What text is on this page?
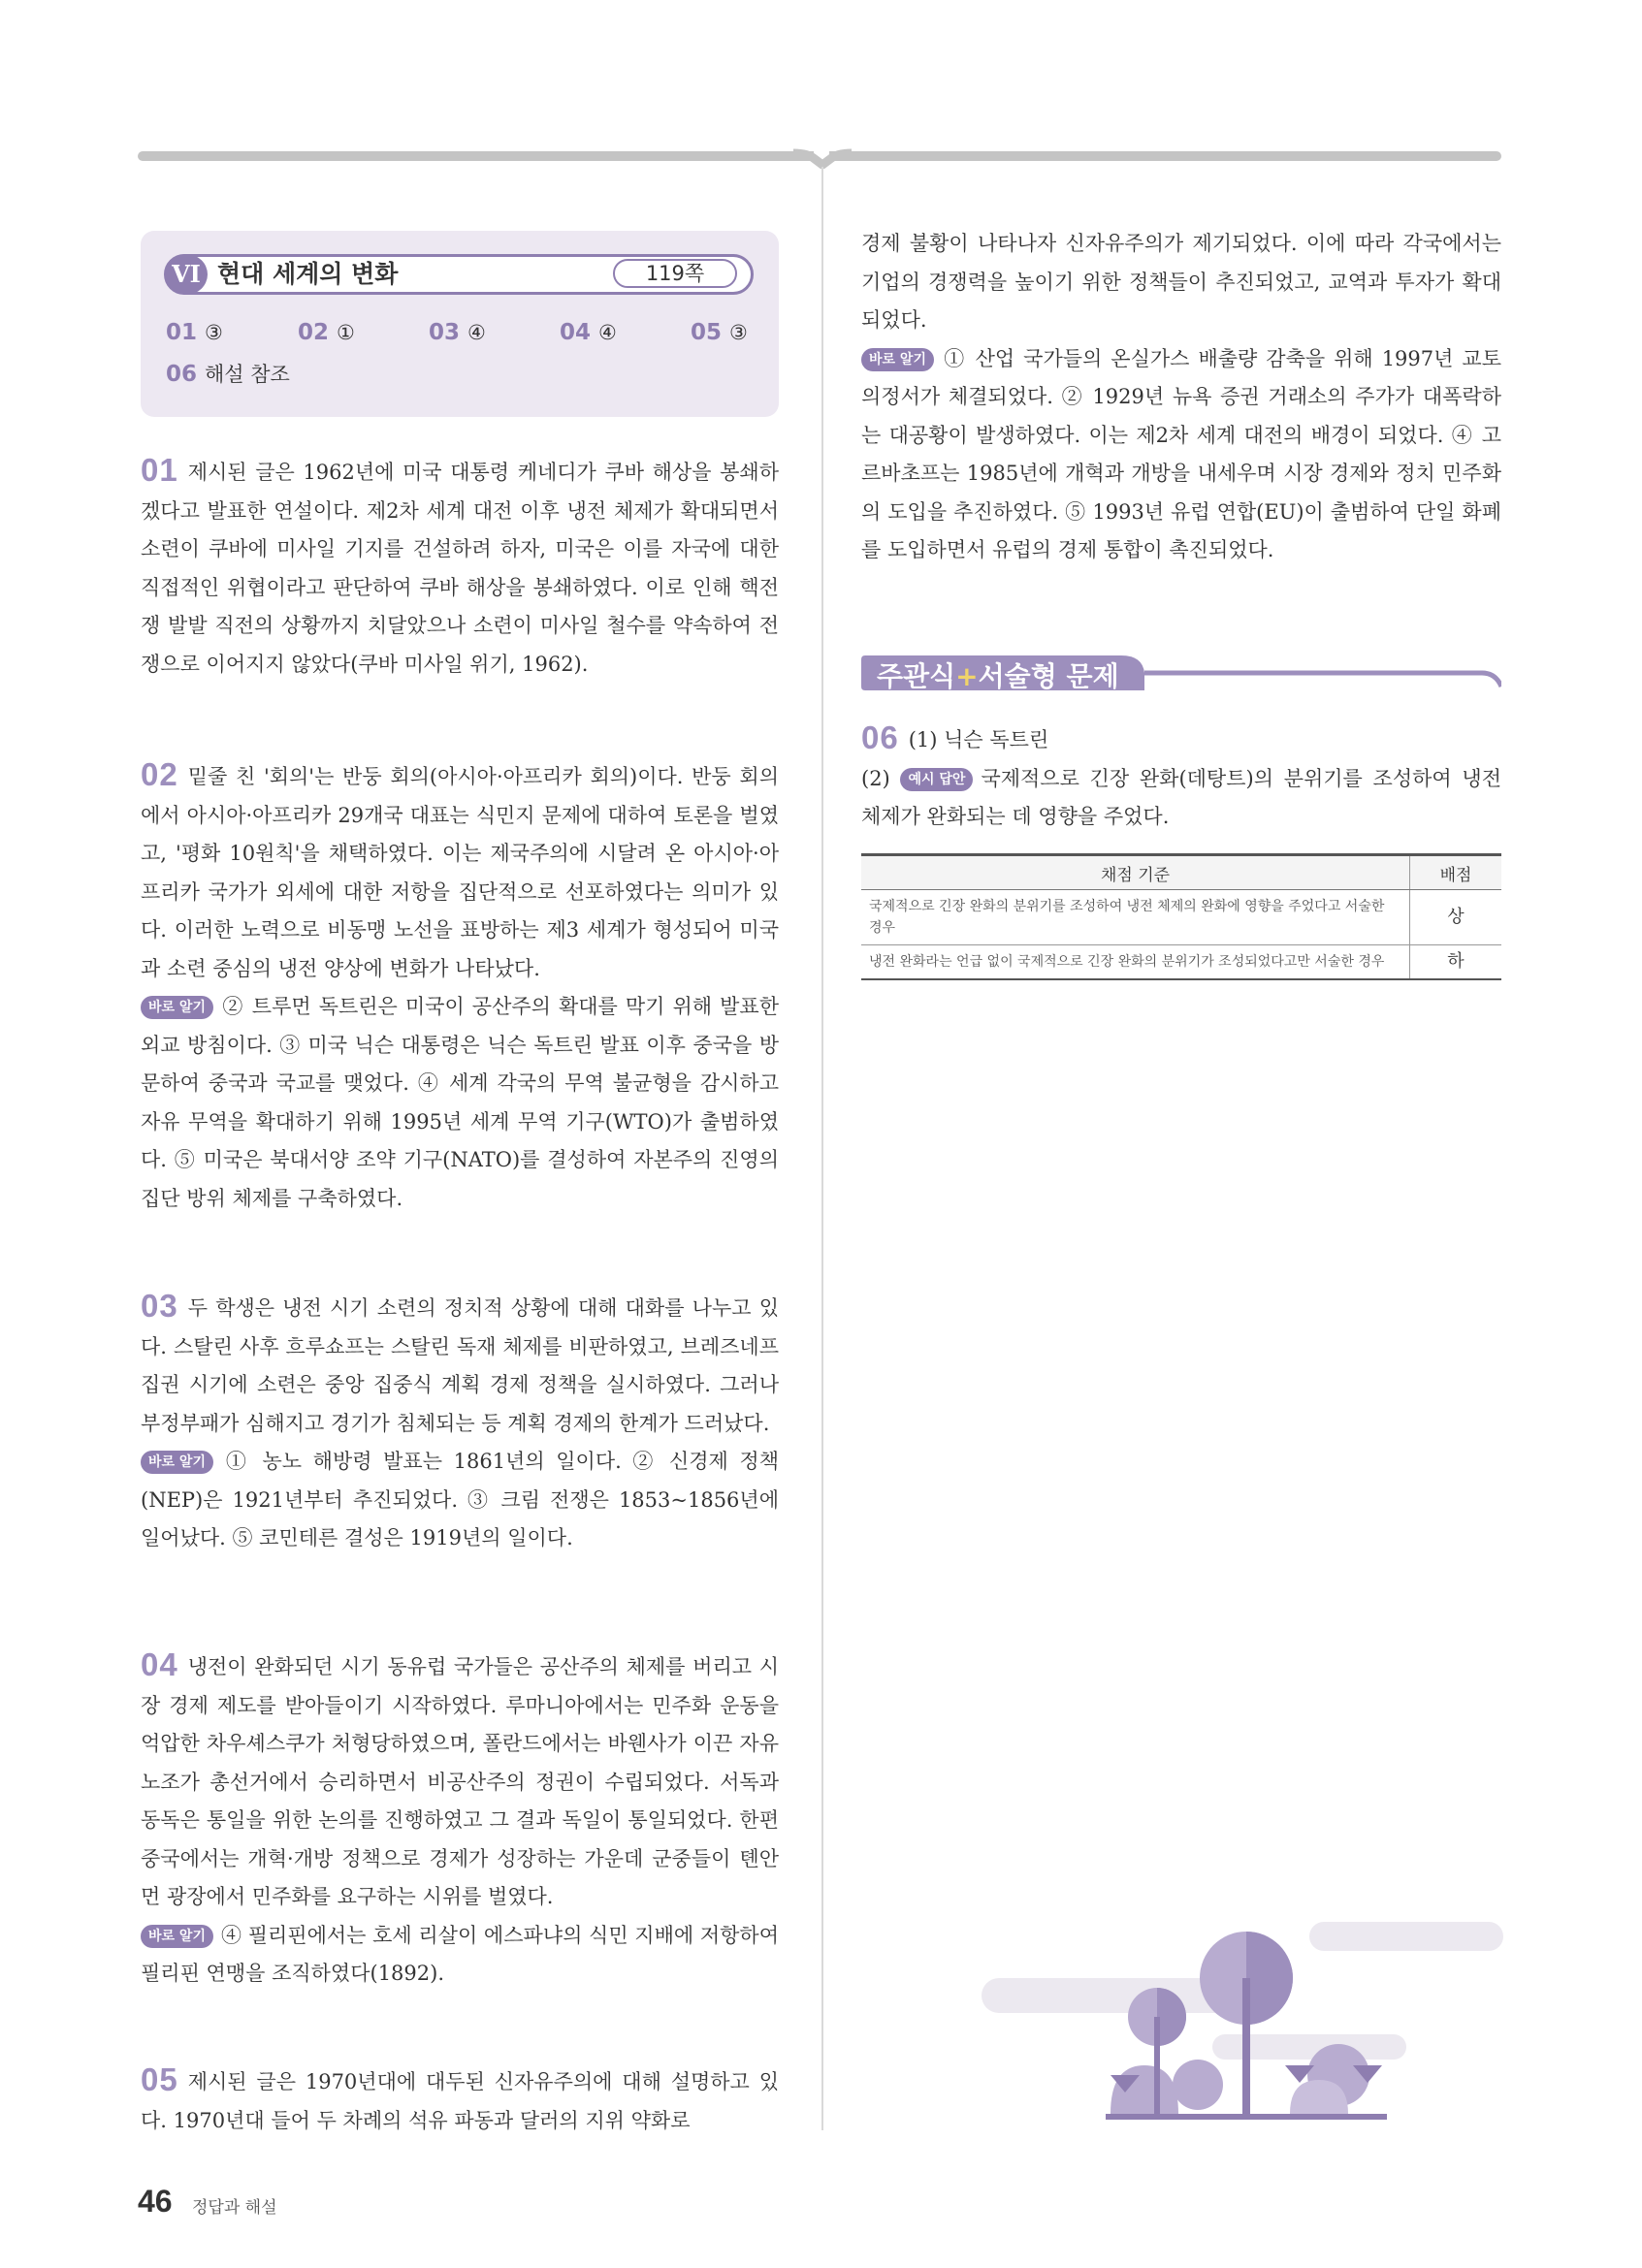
VI 현대 세계의 변화	119쪽
01 ③	02 ①	03 ④	04 ④	05 ③
06 해설 참조

01 제시된 글은 1962년에 미국 대통령 케네디가 쿠바 해상을 봉쇄하겠다고 발표한 연설이다. 제2차 세계 대전 이후 냉전 체제가 확대되면서 소련이 쿠바에 미사일 기지를 건설하려 하자, 미국은 이를 자국에 대한 직접적인 위협이라고 판단하여 쿠바 해상을 봉쇄하였다. 이로 인해 핵전쟁 발발 직전의 상황까지 치달았으나 소련이 미사일 철수를 약속하여 전쟁으로 이어지지 않았다(쿠바 미사일 위기, 1962).

02 밑줄 친 '회의'는 반둥 회의(아시아·아프리카 회의)이다. 반둥 회의에서 아시아·아프리카 29개국 대표는 식민지 문제에 대하여 토론을 벌였고, '평화 10원칙'을 채택하였다. 이는 제국주의에 시달려 온 아시아·아프리카 국가가 외세에 대한 저항을 집단적으로 선포하였다는 의미가 있다. 이러한 노력으로 비동맹 노선을 표방하는 제3 세계가 형성되어 미국과 소련 중심의 냉전 양상에 변화가 나타났다.

바로 알기 ② 트루먼 독트린은 미국이 공산주의 확대를 막기 위해 발표한 외교 방침이다. ③ 미국 닉슨 대통령은 닉슨 독트린 발표 이후 중국을 방문하여 중국과 국교를 맺었다. ④ 세계 각국의 무역 불균형을 감시하고 자유 무역을 확대하기 위해 1995년 세계 무역 기구(WTO)가 출범하였다. ⑤ 미국은 북대서양 조약 기구(NATO)를 결성하여 자본주의 진영의 집단 방위 체제를 구축하였다.

03 두 학생은 냉전 시기 소련의 정치적 상황에 대해 대화를 나누고 있다. 스탈린 사후 흐루쇼프는 스탈린 독재 체제를 비판하였고, 브레즈네프 집권 시기에 소련은 중앙 집중식 계획 경제 정책을 실시하였다. 그러나 부정부패가 심해지고 경기가 침체되는 등 계획 경제의 한계가 드러났다.

바로 알기 ① 농노 해방령 발표는 1861년의 일이다. ② 신경제 정책(NEP)은 1921년부터 추진되었다. ③ 크림 전쟁은 1853~1856년에 일어났다. ⑤ 코민테른 결성은 1919년의 일이다.

04 냉전이 완화되던 시기 동유럽 국가들은 공산주의 체제를 버리고 시장 경제 제도를 받아들이기 시작하였다. 루마니아에서는 민주화 운동을 억압한 차우셰스쿠가 처형당하였으며, 폴란드에서는 바웬사가 이끈 자유 노조가 총선거에서 승리하면서 비공산주의 정권이 수립되었다. 서독과 동독은 통일을 위한 논의를 진행하였고 그 결과 독일이 통일되었다. 한편 중국에서는 개혁·개방 정책으로 경제가 성장하는 가운데 군중들이 톈안먼 광장에서 민주화를 요구하는 시위를 벌였다.

바로 알기 ④ 필리핀에서는 호세 리살이 에스파냐의 식민 지배에 저항하여 필리핀 연맹을 조직하였다(1892).

05 제시된 글은 1970년대에 대두된 신자유주의에 대해 설명하고 있다. 1970년대 들어 두 차례의 석유 파동과 달러의 지위 약화로

경제 불황이 나타나자 신자유주의가 제기되었다. 이에 따라 각국에서는 기업의 경쟁력을 높이기 위한 정책들이 추진되었고, 교역과 투자가 확대되었다.

바로 알기 ① 산업 국가들의 온실가스 배출량 감축을 위해 1997년 교토 의정서가 체결되었다. ② 1929년 뉴욕 증권 거래소의 주가가 대폭락하는 대공황이 발생하였다. 이는 제2차 세계 대전의 배경이 되었다. ④ 고르바초프는 1985년에 개혁과 개방을 내세우며 시장 경제와 정치 민주화의 도입을 추진하였다. ⑤ 1993년 유럽 연합(EU)이 출범하여 단일 화폐를 도입하면서 유럽의 경제 통합이 촉진되었다.

주관식+서술형 문제

06 (1) 닉슨 독트린

(2) 예시 답안 국제적으로 긴장 완화(데탕트)의 분위기를 조성하여 냉전 체제가 완화되는 데 영향을 주었다.

채점 기준	배점
국제적으로 긴장 완화의 분위기를 조성하여 냉전 체제의 완화에 영향을 주었다고 서술한 경우	상
냉전 완화라는 언급 없이 국제적으로 긴장 완화의 분위기가 조성되었다고만 서술한 경우	하
46 정답과 해설
